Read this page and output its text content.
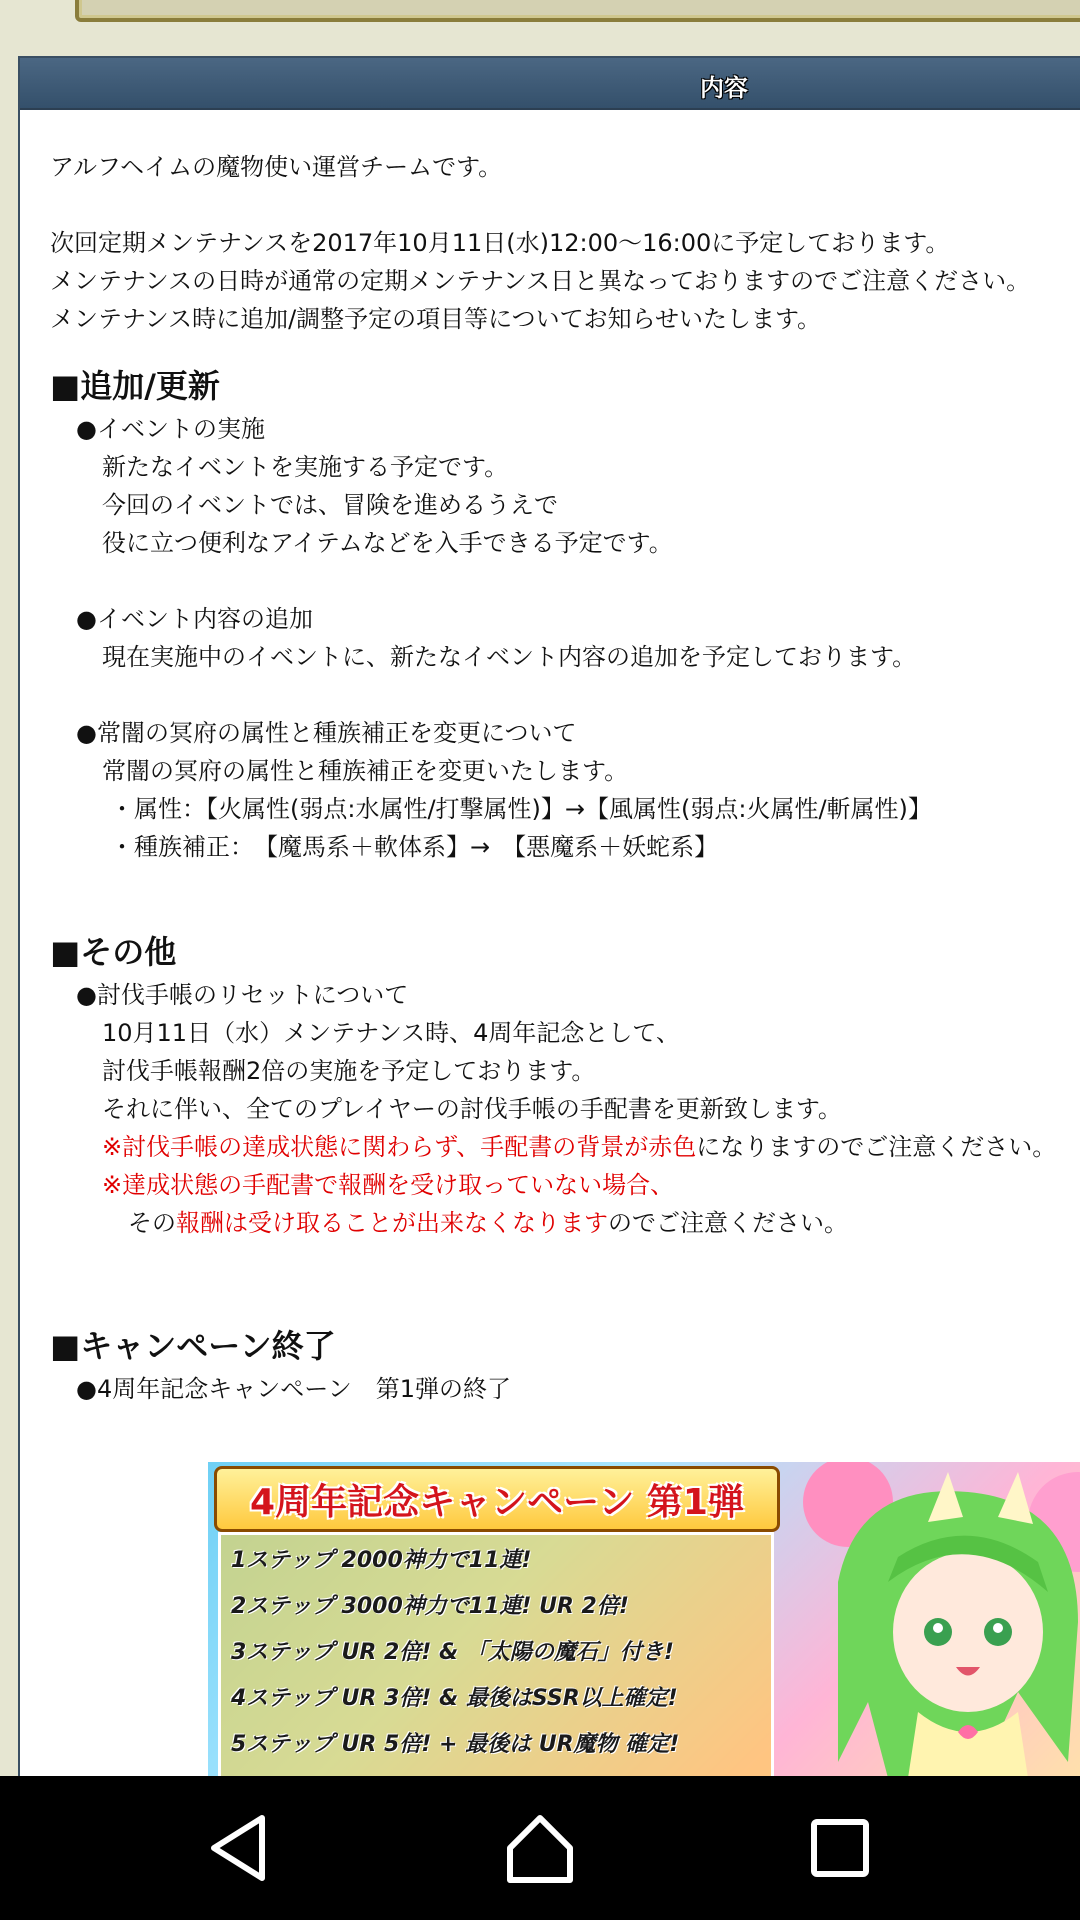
内容
アルフヘイムの魔物使い運営チームです。
次回定期メンテナンスを2017年10月11日(水)12:00〜16:00に予定しております。
メンテナンスの日時が通常の定期メンテナンス日と異なっておりますのでご注意ください。
メンテナンス時に追加/調整予定の項目等についてお知らせいたします。
■追加/更新
●イベントの実施
新たなイベントを実施する予定です。
今回のイベントでは、冒険を進めるうえで
役に立つ便利なアイテムなどを入手できる予定です。
●イベント内容の追加
現在実施中のイベントに、新たなイベント内容の追加を予定しております。
●常闇の冥府の属性と種族補正を変更について
常闇の冥府の属性と種族補正を変更いたします。
・属性：【火属性(弱点:水属性/打撃属性)】→【風属性(弱点:火属性/斬属性)】
・種族補正：　【魔馬系＋軟体系】→　【悪魔系＋妖蛇系】
■その他
●討伐手帳のリセットについて
10月11日（水）メンテナンス時、4周年記念として、
討伐手帳報酬2倍の実施を予定しております。
それに伴い、全てのプレイヤーの討伐手帳の手配書を更新致します。
※討伐手帳の達成状態に関わらず、手配書の背景が赤色になりますのでご注意ください。
※達成状態の手配書で報酬を受け取っていない場合、
その報酬は受け取ることが出来なくなりますのでご注意ください。
■キャンペーン終了
●4周年記念キャンペーン　第1弾の終了
4周年記念キャンペーン 第1弾
1ステップ 2000神力で11連!
2ステップ 3000神力で11連! UR 2倍!
3ステップ UR 2倍! & 「太陽の魔石」付き!
4ステップ UR 3倍! & 最後はSSR以上確定!
5ステップ UR 5倍! + 最後は UR魔物 確定!
